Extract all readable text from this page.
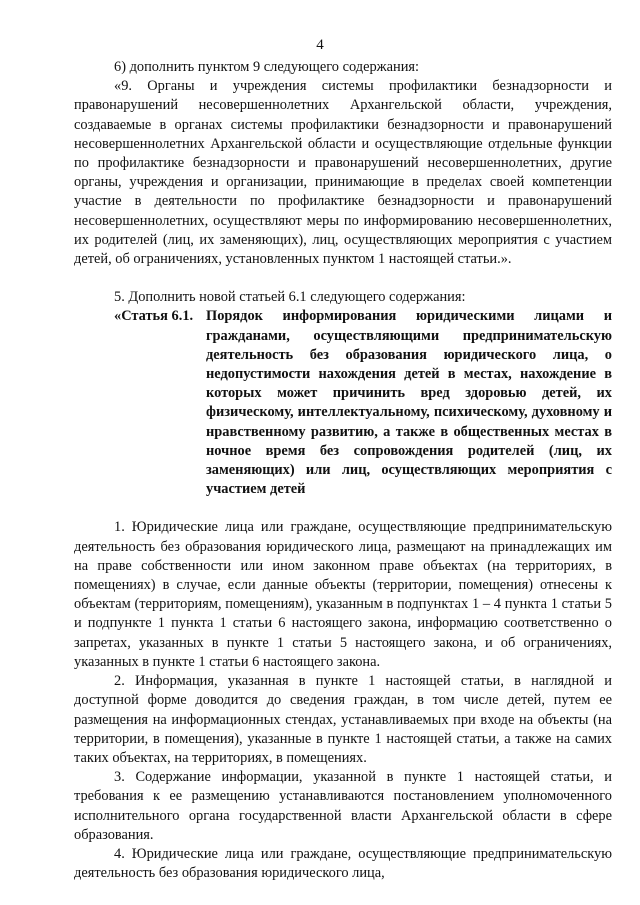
4

6) дополнить пунктом 9 следующего содержания:

«9. Органы и учреждения системы профилактики безнадзорности и правонарушений несовершеннолетних Архангельской области, учреждения, создаваемые в органах системы профилактики безнадзорности и правонарушений несовершеннолетних Архангельской области и осуществляющие отдельные функции по профилактике безнадзорности и правонарушений несовершеннолетних, другие органы, учреждения и организации, принимающие в пределах своей компетенции участие в деятельности по профилактике безнадзорности и правонарушений несовершеннолетних, осуществляют меры по информированию несовершеннолетних, их родителей (лиц, их заменяющих), лиц, осуществляющих мероприятия с участием детей, об ограничениях, установленных пунктом 1 настоящей статьи.».

5. Дополнить новой статьей 6.1 следующего содержания:

«Статья 6.1. Порядок информирования юридическими лицами и гражданами, осуществляющими предпринимательскую деятельность без образования юридического лица, о недопустимости нахождения детей в местах, нахождение в которых может причинить вред здоровью детей, их физическому, интеллектуальному, психическому, духовному и нравственному развитию, а также в общественных местах в ночное время без сопровождения родителей (лиц, их заменяющих) или лиц, осуществляющих мероприятия с участием детей

1. Юридические лица или граждане, осуществляющие предпринимательскую деятельность без образования юридического лица, размещают на принадлежащих им на праве собственности или ином законном праве объектах (на территориях, в помещениях) в случае, если данные объекты (территории, помещения) отнесены к объектам (территориям, помещениям), указанным в подпунктах 1 – 4 пункта 1 статьи 5 и подпункте 1 пункта 1 статьи 6 настоящего закона, информацию соответственно о запретах, указанных в пункте 1 статьи 5 настоящего закона, и об ограничениях, указанных в пункте 1 статьи 6 настоящего закона.

2. Информация, указанная в пункте 1 настоящей статьи, в наглядной и доступной форме доводится до сведения граждан, в том числе детей, путем ее размещения на информационных стендах, устанавливаемых при входе на объекты (на территории, в помещения), указанные в пункте 1 настоящей статьи, а также на самих таких объектах, на территориях, в помещениях.

3. Содержание информации, указанной в пункте 1 настоящей статьи, и требования к ее размещению устанавливаются постановлением уполномоченного исполнительного органа государственной власти Архангельской области в сфере образования.

4. Юридические лица или граждане, осуществляющие предпринимательскую деятельность без образования юридического лица,
